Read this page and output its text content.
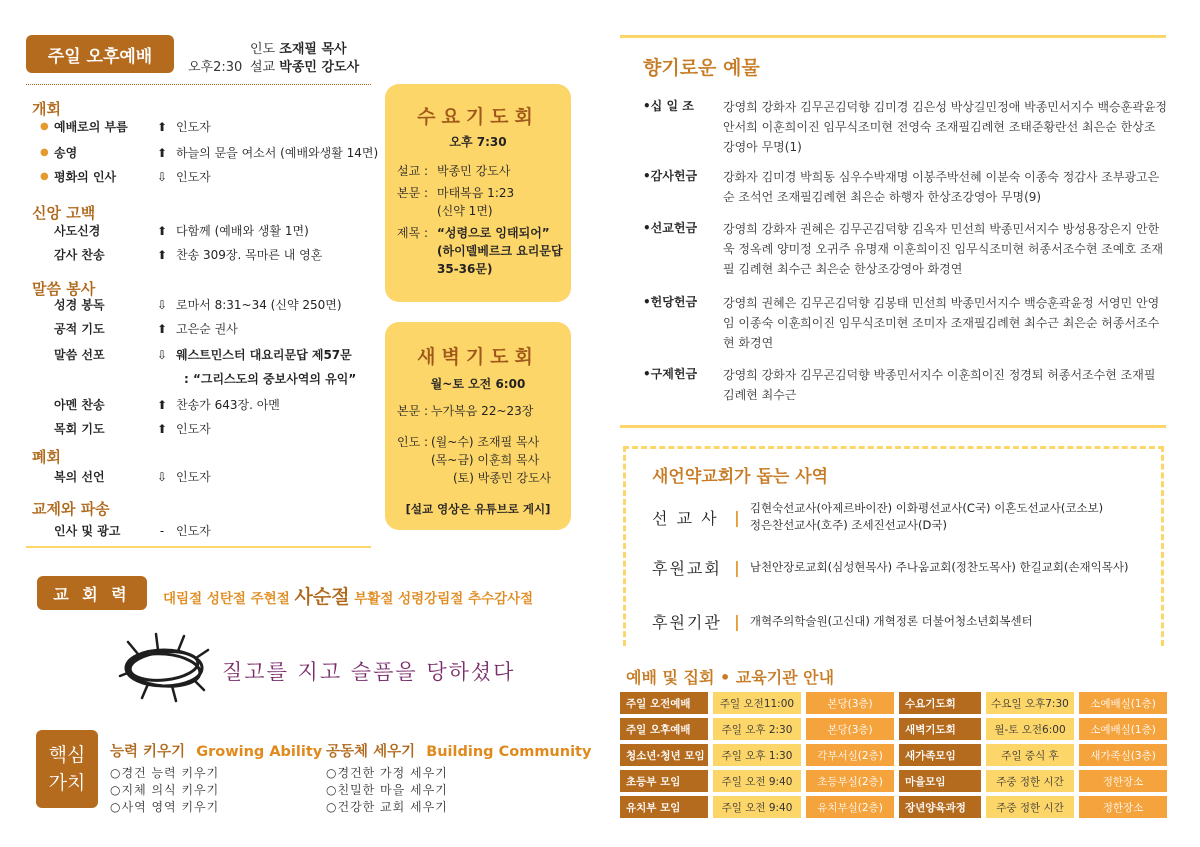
주일 오후예배
오후2:30
인도 조재필 목사
설교 박종민 강도사
개회
● 예배로의 부름	⬆ 인도자
● 송영	⬆ 하늘의 문을 여소서 (예배와생활 14면)
● 평화의 인사	⇩ 인도자
신앙 고백
사도신경	⬆ 다함께 (예배와 생활 1면)
감사 찬송	⬆ 찬송 309장. 목마른 내 영혼
말씀 봉사
성경 봉독	⇩ 로마서 8:31~34 (신약 250면)
공적 기도	⬆ 고은순 권사
말씀 선포	⇩ 웨스트민스터 대요리문답 제57문
: “그리스도의 중보사역의 유익”
아멘 찬송	⬆ 찬송가 643장. 아멘
목회 기도	⬆ 인도자
폐회
복의 선언	⇩ 인도자
교제와 파송
인사 및 광고	- 인도자
수요기도회
오후 7:30
설교 : 박종민 강도사
본문 : 마태복음 1:23
(신약 1면)
제목 : “성령으로 잉태되어”
(하이델베르크 요리문답
35-36문)
새벽기도회
월~토 오전 6:00
본문 : 누가복음 22~23장
인도 : (월~수) 조재필 목사
(목~금) 이훈희 목사
(토) 박종민 강도사
[설교 영상은 유튜브로 게시]
교 회 력	대림절 성탄절 주현절 사순절 부활절 성령강림절 추수감사절
질고를 지고 슬픔을 당하셨다
핵심
가치
능력 키우기 Growing Ability
○경건 능력 키우기
○지체 의식 키우기
○사역 영역 키우기
공동체 세우기 Building Community
○경건한 가정 세우기
○친밀한 마을 세우기
○건강한 교회 세우기
향기로운 예물
•십 일 조	강영희 강화자 김무곤김덕향 김미경 김은성 박상길민정애 박종민서지수 백승훈곽윤정 안서희 이훈희이진 임무식조미현 전영숙 조재필김례현 조태준황란선 최은순 한상조 강영아 무명(1)
•감사헌금	강화자 김미경 박희동 심우수박재명 이봉주박선혜 이분숙 이종숙 정감사 조부광고은순 조석언 조재필김례현 최은순 하행자 한상조강영아 무명(9)
•선교헌금	강영희 강화자 권혜은 김무곤김덕향 김옥자 민선희 박종민서지수 방성용장은지 안한욱 정옥례 양미정 오귀주 유명재 이훈희이진 임무식조미현 허종서조수현 조예호 조재필 김례현 최수근 최은순 한상조강영아 화경연
•헌당헌금	강영희 권혜은 김무곤김덕향 김봉태 민선희 박종민서지수 백승훈곽윤정 서영민 안영임 이종숙 이훈희이진 임무식조미현 조미자 조재필김례현 최수근 최은순 허종서조수현 화경연
•구제헌금	강영희 강화자 김무곤김덕향 박종민서지수 이훈희이진 정경퇴 허종서조수현 조재필 김례현 최수근
새언약교회가 돕는 사역
선 교 사 | 김현숙선교사(아제르바이잔) 이화평선교사(C국) 이혼도선교사(코소보)
정은찬선교사(호주) 조세진선교사(D국)
후원교회 | 남천안장로교회(심성현목사) 주나움교회(정찬도목사) 한길교회(손재익목사)
후원기관 | 개혁주의학술원(고신대) 개혁정론 더불어청소년회복센터
예배 및 집회 • 교육기관 안내
주일 오전예배	주일 오전11:00	본당(3층)	수요기도회	수요일 오후7:30	소예배실(1층)
주일 오후예배	주일 오후 2:30	본당(3층)	새벽기도회	월-토 오전6:00	소예배실(1층)
청소년·청년 모임	주일 오후 1:30	각부서실(2층)	새가족모임	주일 중식 후	새가족실(3층)
초등부 모임	주일 오전 9:40	초등부실(2층)	마을모임	주중 정한 시간	정한장소
유치부 모임	주일 오전 9:40	유치부실(2층)	장년양육과정	주중 정한 시간	정한장소
